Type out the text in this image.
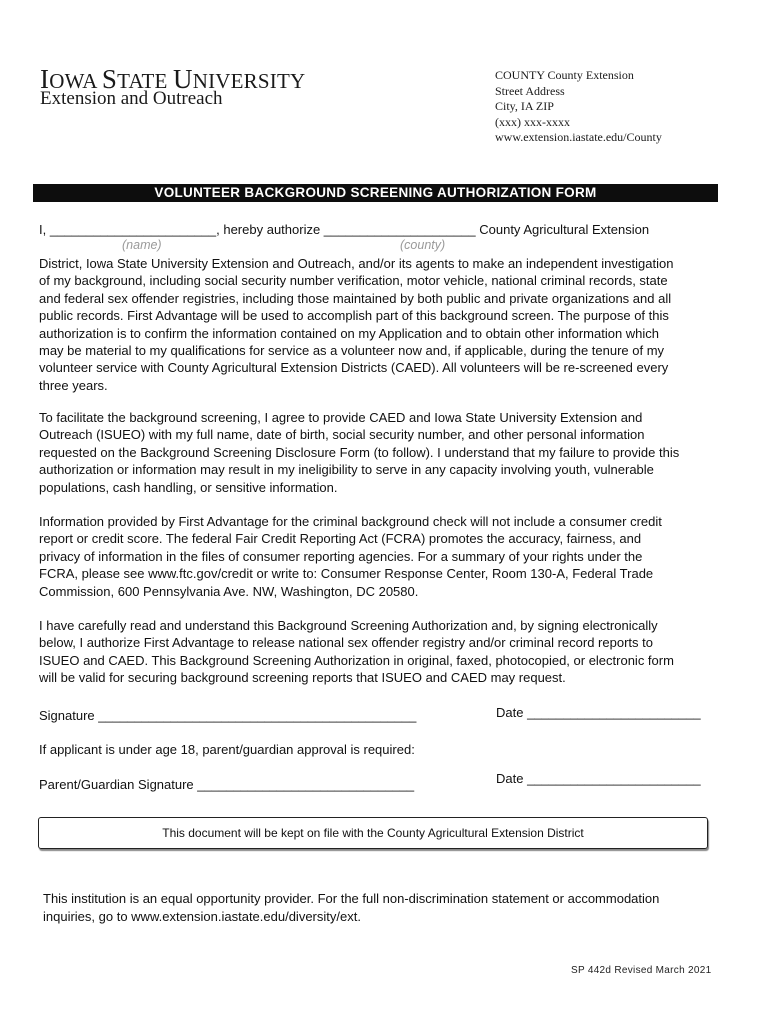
IOWA STATE UNIVERSITY
Extension and Outreach
COUNTY County Extension
Street Address
City, IA ZIP
(xxx) xxx-xxxx
www.extension.iastate.edu/County
VOLUNTEER BACKGROUND SCREENING AUTHORIZATION FORM
I, _______________________, hereby authorize _____________________ County Agricultural Extension
(name)	(county)
District, Iowa State University Extension and Outreach, and/or its agents to make an independent investigation
of my background, including social security number verification, motor vehicle, national criminal records, state
and federal sex offender registries, including those maintained by both public and private organizations and all
public records. First Advantage will be used to accomplish part of this background screen. The purpose of this
authorization is to confirm the information contained on my Application and to obtain other information which
may be material to my qualifications for service as a volunteer now and, if applicable, during the tenure of my
volunteer service with County Agricultural Extension Districts (CAED). All volunteers will be re-screened every
three years.
To facilitate the background screening, I agree to provide CAED and Iowa State University Extension and
Outreach (ISUEO) with my full name, date of birth, social security number, and other personal information
requested on the Background Screening Disclosure Form (to follow). I understand that my failure to provide this
authorization or information may result in my ineligibility to serve in any capacity involving youth, vulnerable
populations, cash handling, or sensitive information.
Information provided by First Advantage for the criminal background check will not include a consumer credit
report or credit score. The federal Fair Credit Reporting Act (FCRA) promotes the accuracy, fairness, and
privacy of information in the files of consumer reporting agencies. For a summary of your rights under the
FCRA, please see www.ftc.gov/credit or write to: Consumer Response Center, Room 130-A, Federal Trade
Commission, 600 Pennsylvania Ave. NW, Washington, DC 20580.
I have carefully read and understand this Background Screening Authorization and, by signing electronically
below, I authorize First Advantage to release national sex offender registry and/or criminal record reports to
ISUEO and CAED. This Background Screening Authorization in original, faxed, photocopied, or electronic form
will be valid for securing background screening reports that ISUEO and CAED may request.
Signature ____________________________________________	Date ________________________
If applicant is under age 18, parent/guardian approval is required:
Parent/Guardian Signature ______________________________	Date ________________________
This document will be kept on file with the County Agricultural Extension District
This institution is an equal opportunity provider. For the full non-discrimination statement or accommodation
inquiries, go to www.extension.iastate.edu/diversity/ext.
SP 442d Revised March 2021
